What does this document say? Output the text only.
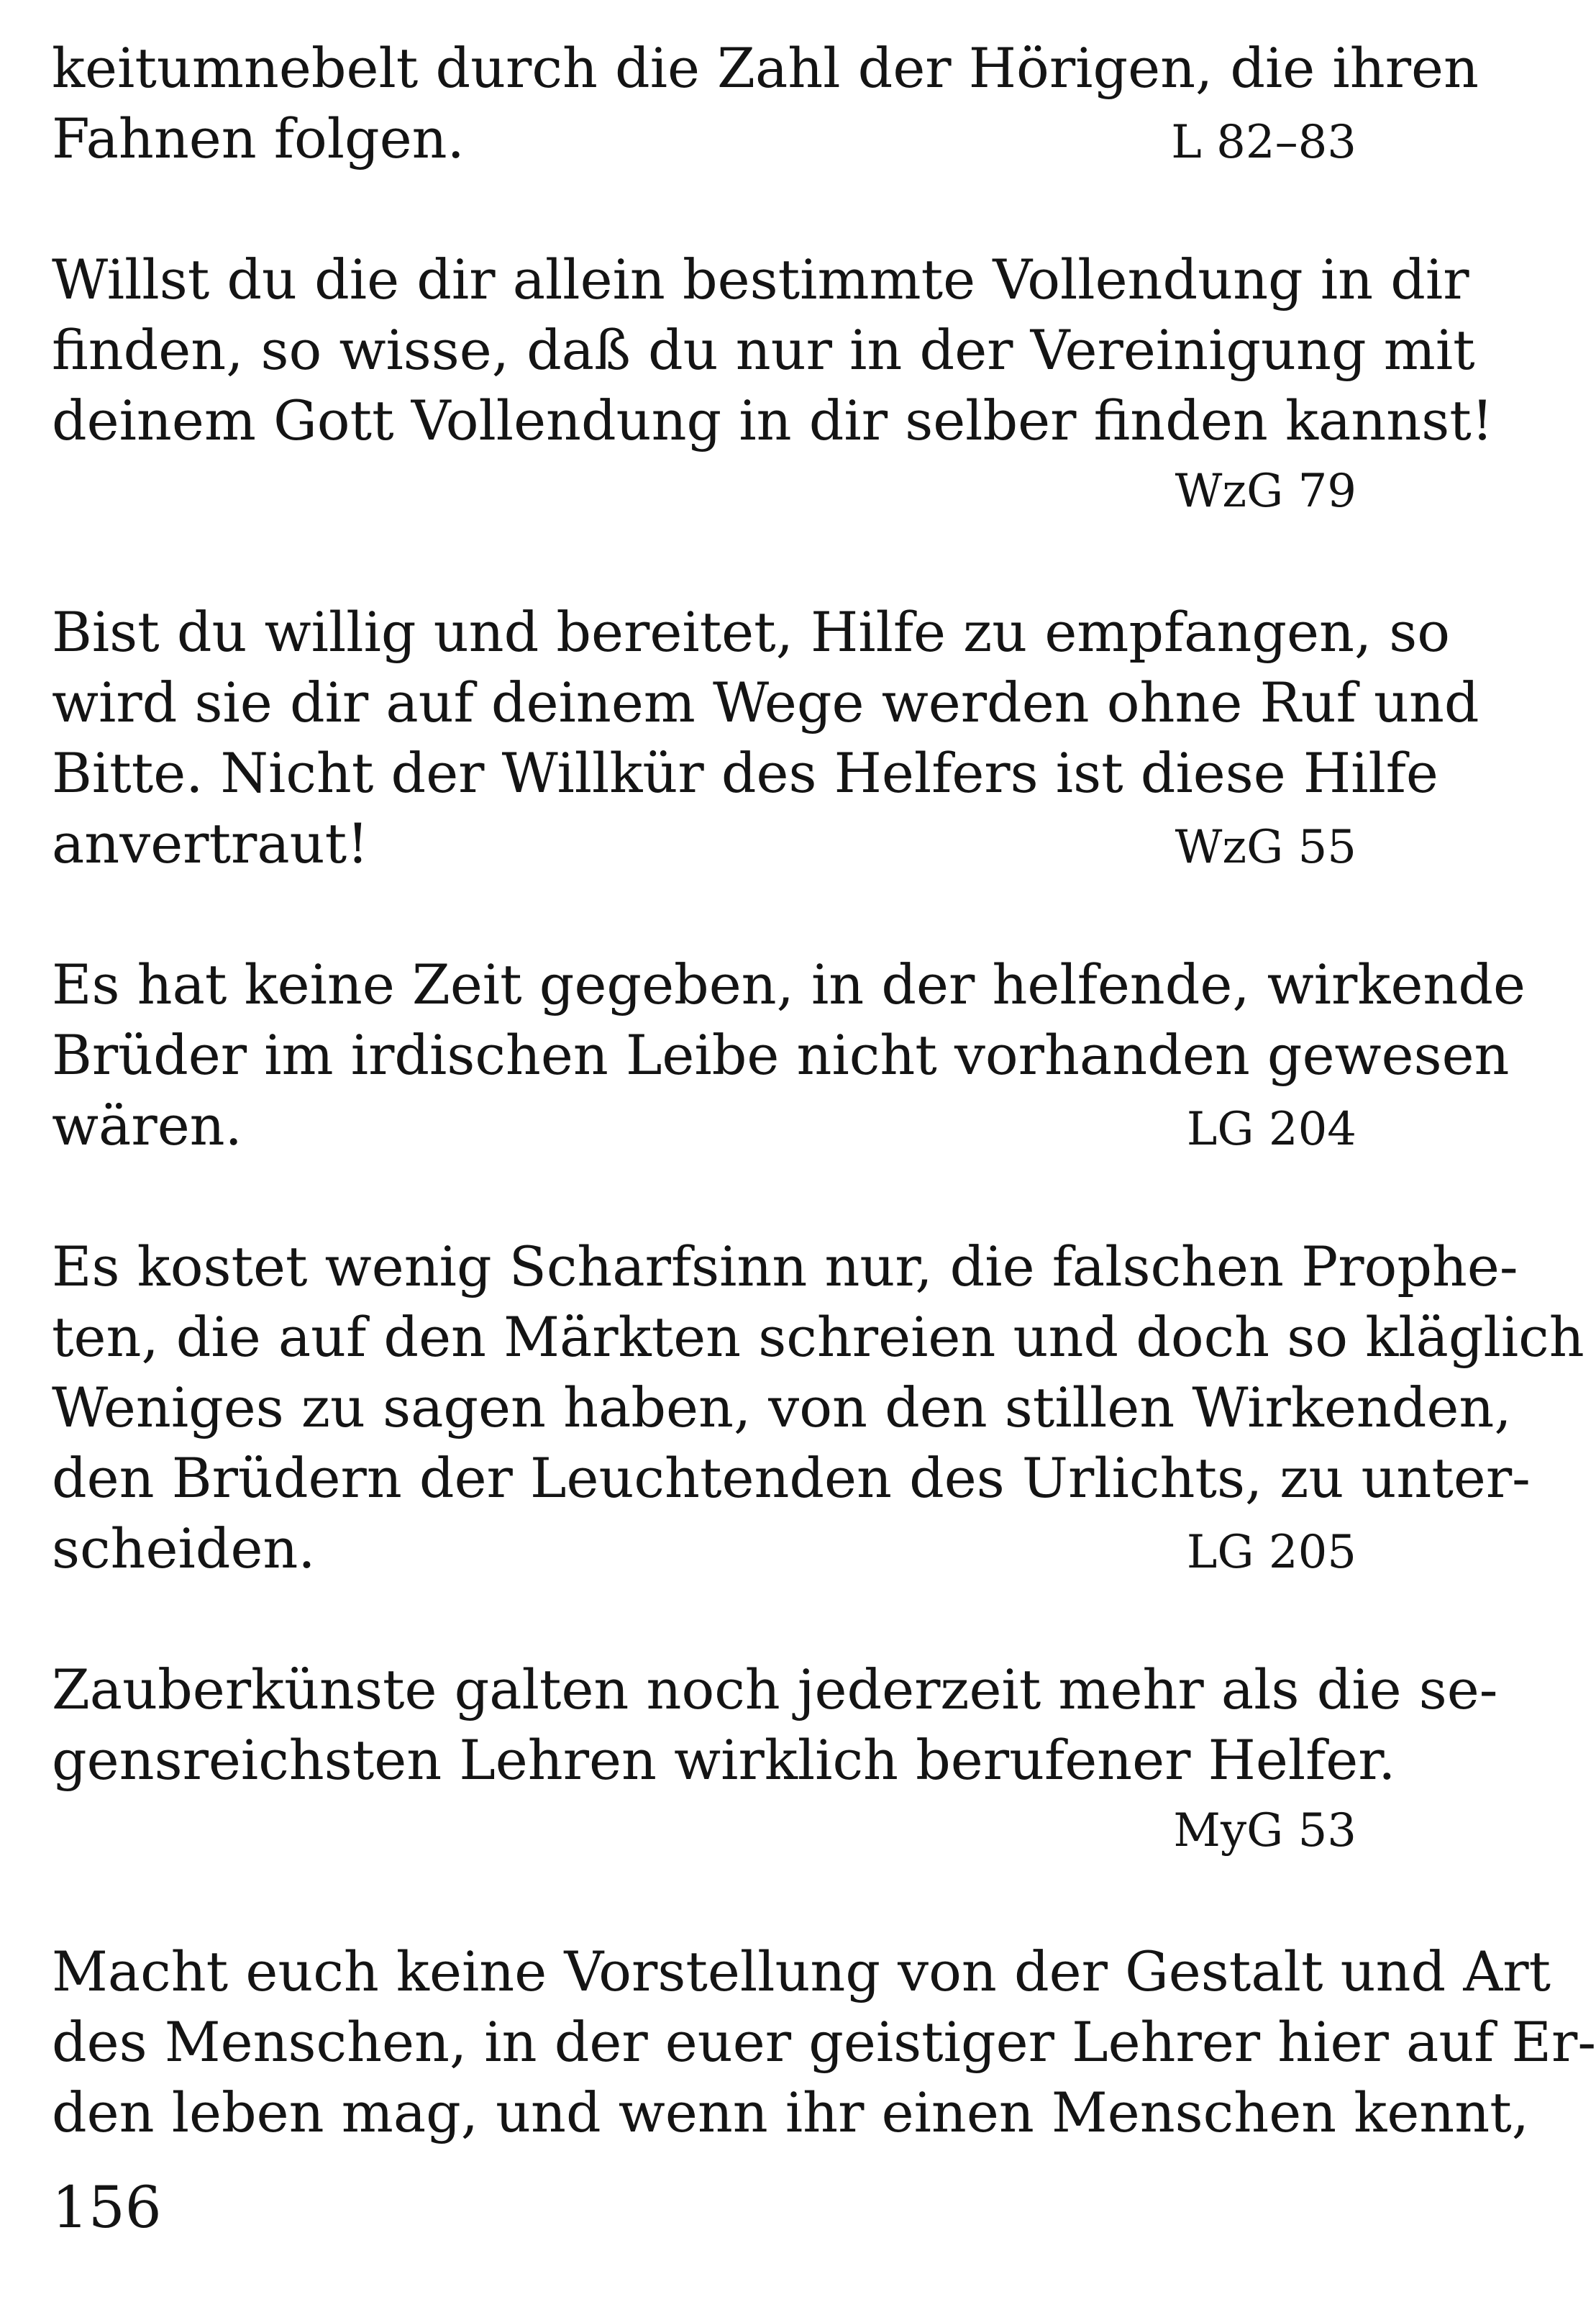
keitumnebelt durch die Zahl der Hörigen, die ihren
Fahnen folgen.	L 82–83
Willst du die dir allein bestimmte Vollendung in dir
finden, so wisse, daß du nur in der Vereinigung mit
deinem Gott Vollendung in dir selber finden kannst!
WzG 79
Bist du willig und bereitet, Hilfe zu empfangen, so
wird sie dir auf deinem Wege werden ohne Ruf und
Bitte. Nicht der Willkür des Helfers ist diese Hilfe
anvertraut!	WzG 55
Es hat keine Zeit gegeben, in der helfende, wirkende
Brüder im irdischen Leibe nicht vorhanden gewesen
wären.	LG 204
Es kostet wenig Scharfsinn nur, die falschen Prophe-
ten, die auf den Märkten schreien und doch so kläglich
Weniges zu sagen haben, von den stillen Wirkenden,
den Brüdern der Leuchtenden des Urlichts, zu unter-
scheiden.	LG 205
Zauberkünste galten noch jederzeit mehr als die se-
gensreichsten Lehren wirklich berufener Helfer.
MyG 53
Macht euch keine Vorstellung von der Gestalt und Art
des Menschen, in der euer geistiger Lehrer hier auf Er-
den leben mag, und wenn ihr einen Menschen kennt,
156
